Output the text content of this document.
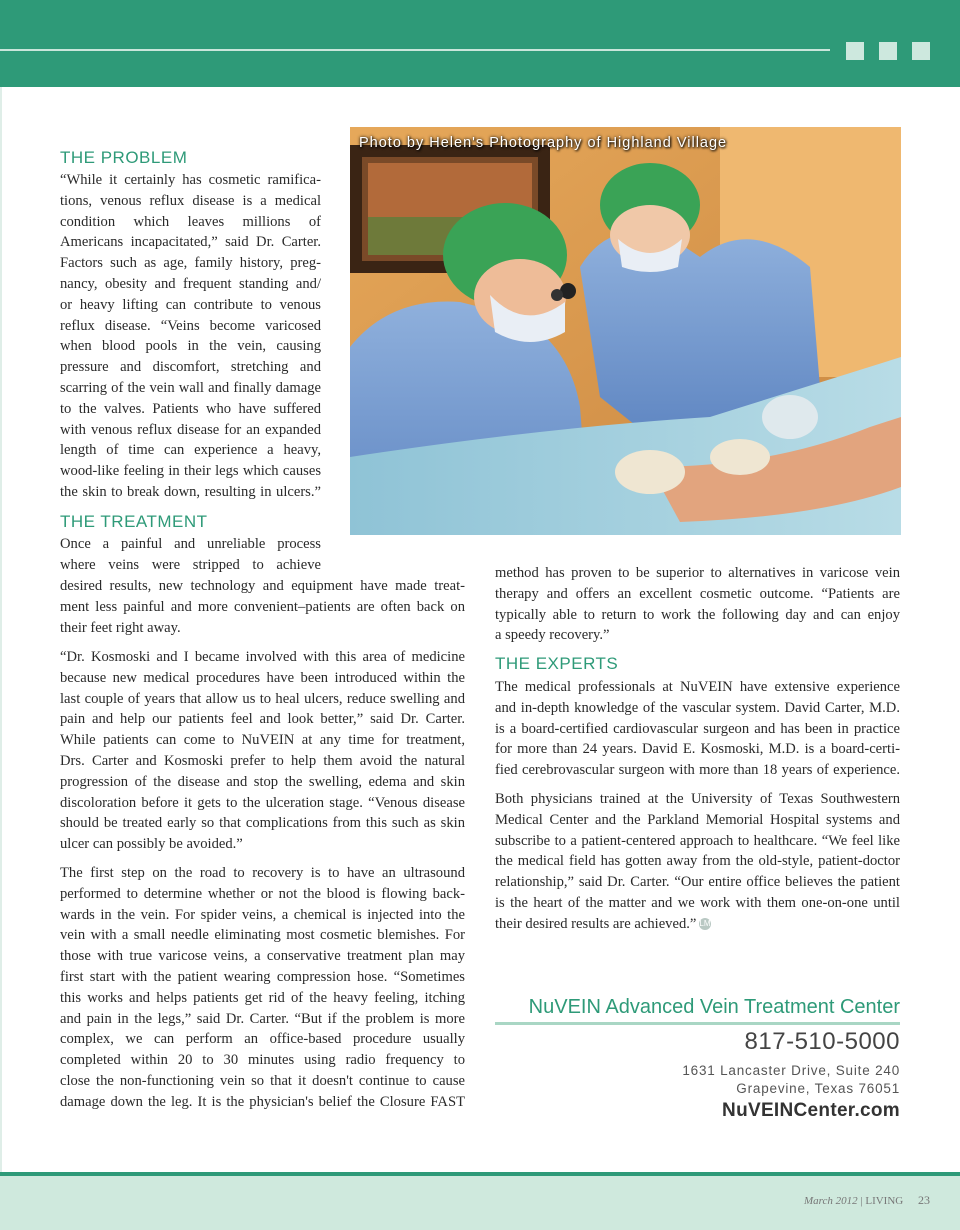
Photo by Helen's Photography of Highland Village
THE PROBLEM
“While it certainly has cosmetic ramifica-
tions, venous reflux disease is a medical
condition which leaves millions of
Americans incapacitated,” said Dr. Carter.
Factors such as age, family history, preg-
nancy, obesity and frequent standing and/
or heavy lifting can contribute to venous
reflux disease. “Veins become varicosed
when blood pools in the vein, causing
pressure and discomfort, stretching and
scarring of the vein wall and finally damage
to the valves. Patients who have suffered
with venous reflux disease for an expanded
length of time can experience a heavy,
wood-like feeling in their legs which causes
the skin to break down, resulting in ulcers.”
THE TREATMENT
Once a painful and unreliable process
where veins were stripped to achieve
desired results, new technology and equipment have made treat-
ment less painful and more convenient–patients are often back on
their feet right away.
“Dr. Kosmoski and I became involved with this area of medicine
because new medical procedures have been introduced within the
last couple of years that allow us to heal ulcers, reduce swelling and
pain and help our patients feel and look better,” said Dr. Carter.
While patients can come to NuVEIN at any time for treatment,
Drs. Carter and Kosmoski prefer to help them avoid the natural
progression of the disease and stop the swelling, edema and skin
discoloration before it gets to the ulceration stage. “Venous disease
should be treated early so that complications from this such as skin
ulcer can possibly be avoided.”
The first step on the road to recovery is to have an ultrasound
performed to determine whether or not the blood is flowing back-
wards in the vein. For spider veins, a chemical is injected into the
vein with a small needle eliminating most cosmetic blemishes. For
those with true varicose veins, a conservative treatment plan may
first start with the patient wearing compression hose. “Sometimes
this works and helps patients get rid of the heavy feeling, itching
and pain in the legs,” said Dr. Carter. “But if the problem is more
complex, we can perform an office-based procedure usually
completed within 20 to 30 minutes using radio frequency to
close the non-functioning vein so that it doesn't continue to cause
damage down the leg. It is the physician's belief the Closure FAST
method has proven to be superior to alternatives in varicose vein
therapy and offers an excellent cosmetic outcome. “Patients are
typically able to return to work the following day and can enjoy
a speedy recovery.”
THE EXPERTS
The medical professionals at NuVEIN have extensive experience
and in-depth knowledge of the vascular system. David Carter, M.D.
is a board-certified cardiovascular surgeon and has been in practice
for more than 24 years. David E. Kosmoski, M.D. is a board-certi-
fied cerebrovascular surgeon with more than 18 years of experience.
Both physicians trained at the University of Texas Southwestern
Medical Center and the Parkland Memorial Hospital systems and
subscribe to a patient-centered approach to healthcare. “We feel like
the medical field has gotten away from the old-style, patient-doctor
relationship,” said Dr. Carter. “Our entire office believes the patient
is the heart of the matter and we work with them one-on-one until
their desired results are achieved.” LM
NuVEIN Advanced Vein Treatment Center
817-510-5000
1631 Lancaster Drive, Suite 240
Grapevine, Texas 76051
NuVEINCenter.com
March 2012 | LIVING 23
